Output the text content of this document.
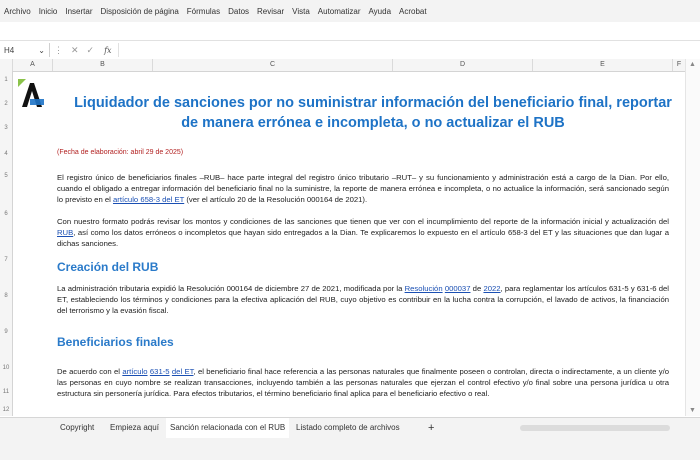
Archivo	Inicio	Insertar	Disposición de página	Fórmulas	Datos	Revisar	Vista	Automatizar	Ayuda	Acrobat
H4	⌄	⋮ ✕ ✓	fx
A	B	C	D	E	F
1
2
3
4
5
6
7
8
9
10
11
12
Liquidador de sanciones por no suministrar información del beneficiario final, reportar de manera errónea e incompleta, o no actualizar el RUB
(Fecha de elaboración: abril 29 de 2025)
El registro único de beneficiarios finales –RUB– hace parte integral del registro único tributario –RUT– y su funcionamiento y administración está a cargo de la Dian. Por ello, cuando el obligado a entregar información del beneficiario final no la suministre, la reporte de manera errónea e incompleta, o no actualice la información, será sancionado según lo previsto en el artículo 658-3 del ET (ver el artículo 20 de la Resolución 000164 de 2021).
Con nuestro formato podrás revisar los montos y condiciones de las sanciones que tienen que ver con el incumplimiento del reporte de la información inicial y actualización del RUB, así como los datos erróneos o incompletos que hayan sido entregados a la Dian. Te explicaremos lo expuesto en el artículo 658-3 del ET y las situaciones que dan lugar a dichas sanciones.
Creación del RUB
La administración tributaria expidió la Resolución 000164 de diciembre 27 de 2021, modificada por la Resolución 000037 de 2022, para reglamentar los artículos 631-5 y 631-6 del ET, estableciendo los términos y condiciones para la efectiva aplicación del RUB, cuyo objetivo es contribuir en la lucha contra la corrupción, el lavado de activos, la financiación del terrorismo y la evasión fiscal.
Beneficiarios finales
De acuerdo con el artículo 631-5 del ET, el beneficiario final hace referencia a las personas naturales que finalmente poseen o controlan, directa o indirectamente, a un cliente y/o las personas en cuyo nombre se realizan transacciones, incluyendo también a las personas naturales que ejerzan el control efectivo y/o final sobre una persona jurídica u otra estructura sin personería jurídica. Para efectos tributarios, el término beneficiario final aplica para el beneficiario efectivo o real.
▲
▼
Copyright Empieza aquí	Sanción relacionada con el RUB	Listado completo de archivos	+
